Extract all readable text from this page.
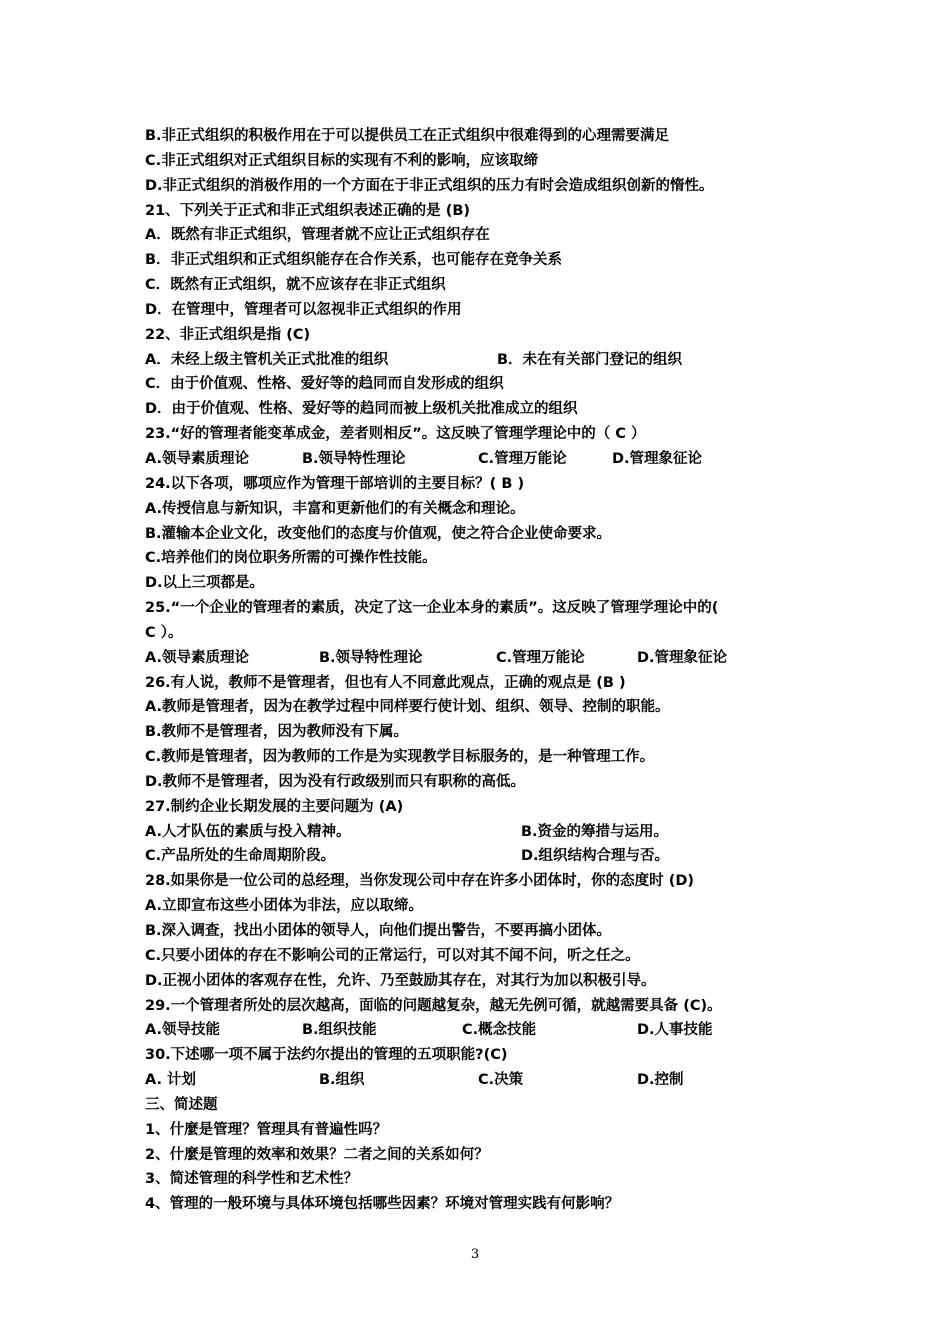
B.非正式组织的积极作用在于可以提供员工在正式组织中很难得到的心理需要满足
C.非正式组织对正式组织目标的实现有不利的影响，应该取缔
D.非正式组织的消极作用的一个方面在于非正式组织的压力有时会造成组织创新的惰性。
21、下列关于正式和非正式组织表述正确的是 (B)
A．既然有非正式组织，管理者就不应让正式组织存在
B．非正式组织和正式组织能存在合作关系，也可能存在竞争关系
C．既然有正式组织，就不应该存在非正式组织
D．在管理中，管理者可以忽视非正式组织的作用
22、非正式组织是指 (C)
A．未经上级主管机关正式批准的组织	B．未在有关部门登记的组织
C．由于价值观、性格、爱好等的趋同而自发形成的组织
D．由于价值观、性格、爱好等的趋同而被上级机关批准成立的组织
23.“好的管理者能变革成金，差者则相反”。这反映了管理学理论中的（ C ）
A.领导素质理论	B.领导特性理论	C.管理万能论	D.管理象征论
24.以下各项，哪项应作为管理干部培训的主要目标？( B )
A.传授信息与新知识，丰富和更新他们的有关概念和理论。
B.灌输本企业文化，改变他们的态度与价值观，使之符合企业使命要求。
C.培养他们的岗位职务所需的可操作性技能。
D.以上三项都是。
25.“一个企业的管理者的素质，决定了这一企业本身的素质”。这反映了管理学理论中的(
C ）。
A.领导素质理论	B.领导特性理论	C.管理万能论	D.管理象征论
26.有人说，教师不是管理者，但也有人不同意此观点，正确的观点是 (B )
A.教师是管理者，因为在教学过程中同样要行使计划、组织、领导、控制的职能。
B.教师不是管理者，因为教师没有下属。
C.教师是管理者，因为教师的工作是为实现教学目标服务的，是一种管理工作。
D.教师不是管理者，因为没有行政级别而只有职称的高低。
27.制约企业长期发展的主要问题为 (A)
A.人才队伍的素质与投入精神。	B.资金的筹措与运用。
C.产品所处的生命周期阶段。	D.组织结构合理与否。
28.如果你是一位公司的总经理，当你发现公司中存在许多小团体时，你的态度时 (D)
A.立即宣布这些小团体为非法，应以取缔。
B.深入调查，找出小团体的领导人，向他们提出警告，不要再搞小团体。
C.只要小团体的存在不影响公司的正常运行，可以对其不闻不问，听之任之。
D.正视小团体的客观存在性，允许、乃至鼓励其存在，对其行为加以积极引导。
29.一个管理者所处的层次越高，面临的问题越复杂，越无先例可循，就越需要具备 (C)。
A.领导技能	B.组织技能	C.概念技能	D.人事技能
30.下述哪一项不属于法约尔提出的管理的五项职能?(C)
A. 计划	B.组织	C.决策	D.控制
三、简述题
1、什麼是管理？管理具有普遍性吗？
2、什麼是管理的效率和效果？二者之间的关系如何？
3、简述管理的科学性和艺术性？
4、管理的一般环境与具体环境包括哪些因素？环境对管理实践有何影响？
3
